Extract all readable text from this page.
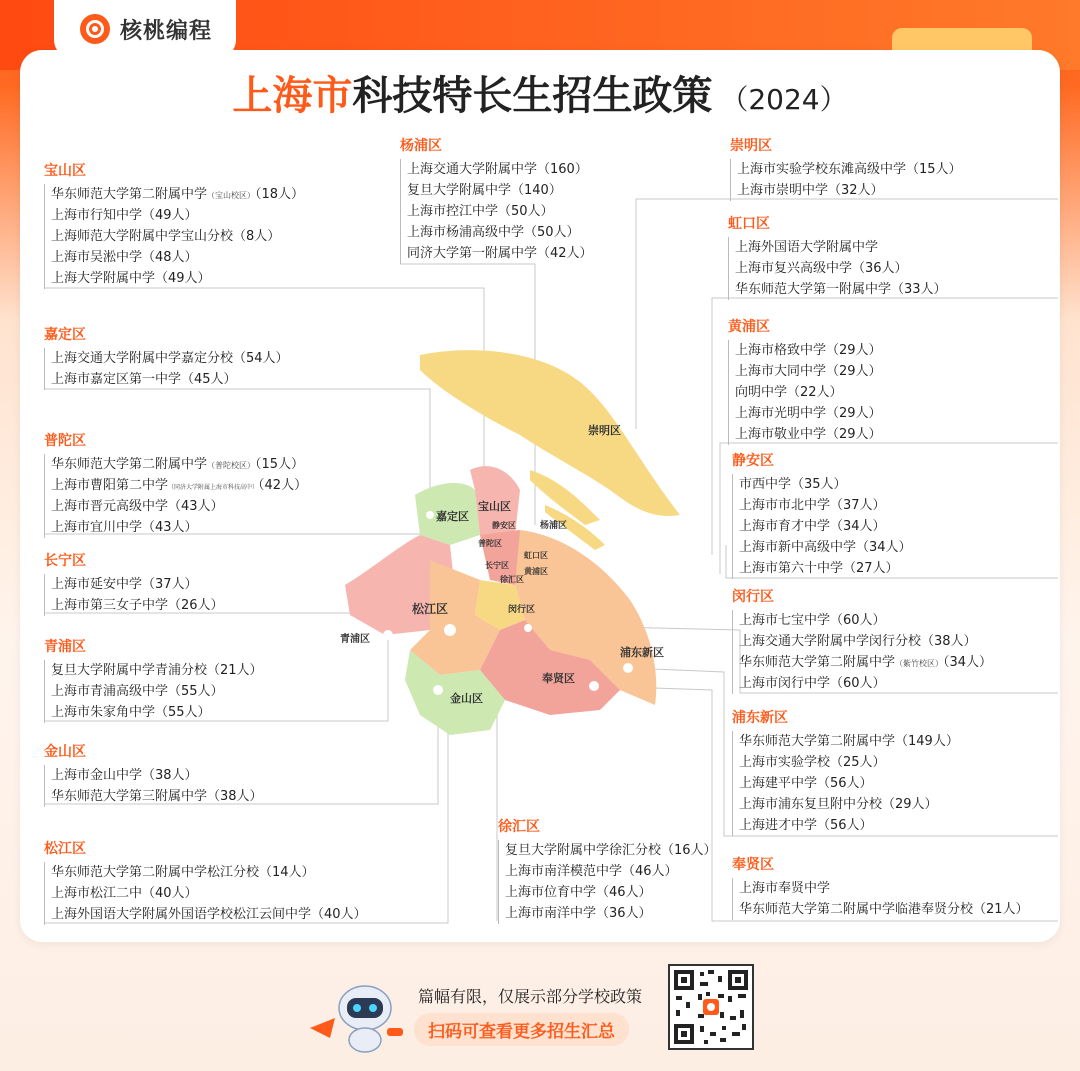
核桃编程
上海市科技特长生招生政策 （2024）
宝山区
华东师范大学第二附属中学（宝山校区）（18人）
上海市行知中学（49人）
上海师范大学附属中学宝山分校（8人）
上海市吴淞中学（48人）
上海大学附属中学（49人）
嘉定区
上海交通大学附属中学嘉定分校（54人）
上海市嘉定区第一中学（45人）
普陀区
华东师范大学第二附属中学（普陀校区）（15人）
上海市曹阳第二中学（同济大学附属上海市科技高中）（42人）
上海市晋元高级中学（43人）
上海市宜川中学（43人）
长宁区
上海市延安中学（37人）
上海市第三女子中学（26人）
青浦区
复旦大学附属中学青浦分校（21人）
上海市青浦高级中学（55人）
上海市朱家角中学（55人）
金山区
上海市金山中学（38人）
华东师范大学第三附属中学（38人）
松江区
华东师范大学第二附属中学松江分校（14人）
上海市松江二中（40人）
上海外国语大学附属外国语学校松江云间中学（40人）
杨浦区
上海交通大学附属中学（160）
复旦大学附属中学（140）
上海市控江中学（50人）
上海市杨浦高级中学（50人）
同济大学第一附属中学（42人）
徐汇区
复旦大学附属中学徐汇分校（16人）
上海市南洋模范中学（46人）
上海市位育中学（46人）
上海市南洋中学（36人）
崇明区
上海市实验学校东滩高级中学（15人）
上海市崇明中学（32人）
虹口区
上海外国语大学附属中学
上海市复兴高级中学（36人）
华东师范大学第一附属中学（33人）
黄浦区
上海市格致中学（29人）
上海市大同中学（29人）
向明中学（22人）
上海市光明中学（29人）
上海市敬业中学（29人）
静安区
市西中学（35人）
上海市市北中学（37人）
上海市育才中学（34人）
上海市新中高级中学（34人）
上海市第六十中学（27人）
闵行区
上海市七宝中学（60人）
上海交通大学附属中学闵行分校（38人）
华东师范大学第二附属中学（紫竹校区）（34人）
上海市闵行中学（60人）
浦东新区
华东师范大学第二附属中学（149人）
上海市实验学校（25人）
上海建平中学（56人）
上海市浦东复旦附中分校（29人）
上海进才中学（56人）
奉贤区
上海市奉贤中学
华东师范大学第二附属中学临港奉贤分校（21人）
崇明区
嘉定区
宝山区
静安区	杨浦区
普陀区
虹口区
长宁区
黄浦区
徐汇区
闵行区
松江区
青浦区
浦东新区
奉贤区
金山区
篇幅有限，仅展示部分学校政策
扫码可查看更多招生汇总
